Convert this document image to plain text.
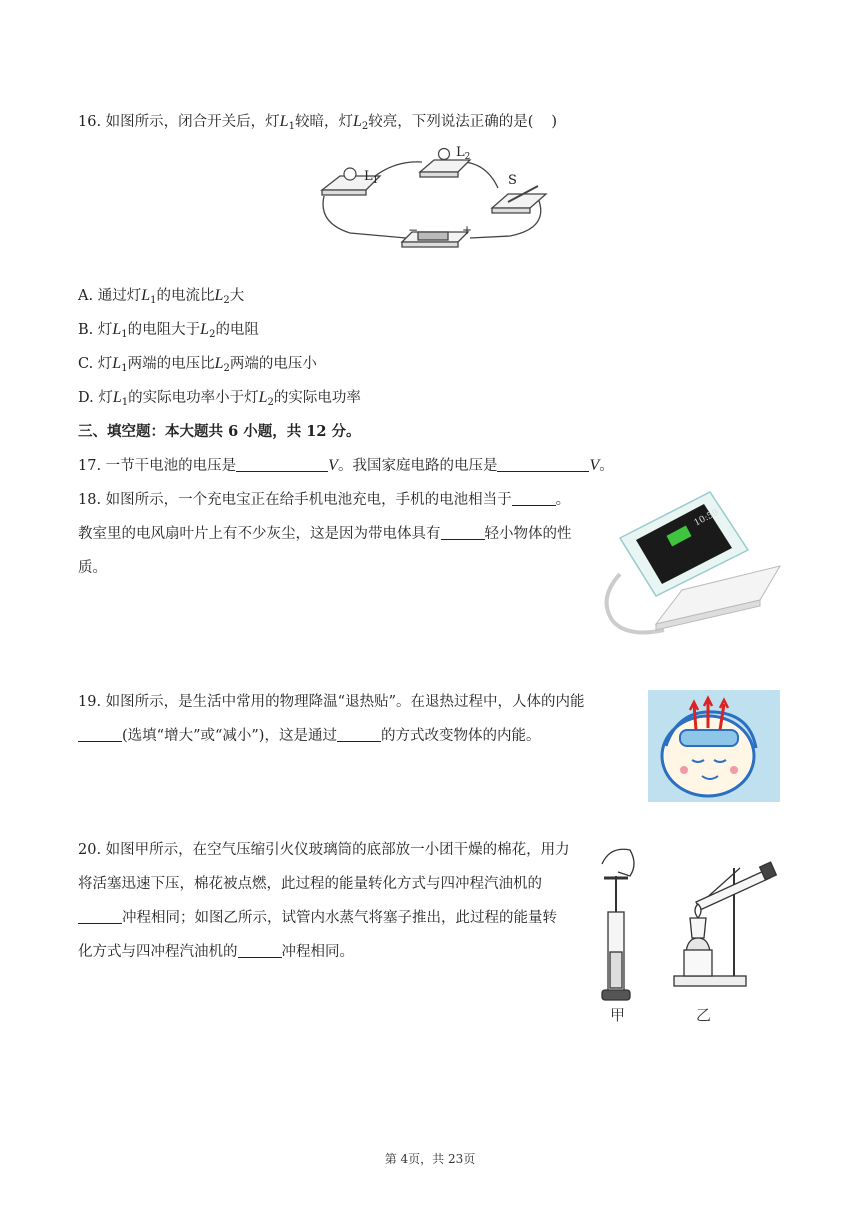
16. 如图所示，闭合开关后，灯$L_1$较暗，灯$L_2$较亮，下列说法正确的是( )
$L_1$
$L_2$
S
−	+
A. 通过灯$L_1$的电流比$L_2$大
B. 灯$L_1$的电阻大于$L_2$的电阻
C. 灯$L_1$两端的电压比$L_2$两端的电压小
D. 灯$L_1$的实际电功率小于灯$L_2$的实际电功率
三、填空题：本大题共 6 小题，共 12 分。
17. 一节干电池的电压是	V。我国家庭电路的电压是	V。
18. 如图所示，一个充电宝正在给手机电池充电，手机的电池相当于	。
教室里的电风扇叶片上有不少灰尘，这是因为带电体具有	轻小物体的性
质。
10:59
19. 如图所示，是生活中常用的物理降温“退热贴”。在退热过程中，人体的内能
(选填“增大”或“减小”)，这是通过	的方式改变物体的内能。
20. 如图甲所示，在空气压缩引火仪玻璃筒的底部放一小团干燥的棉花，用力
将活塞迅速下压，棉花被点燃，此过程的能量转化方式与四冲程汽油机的
冲程相同；如图乙所示，试管内水蒸气将塞子推出，此过程的能量转
化方式与四冲程汽油机的	冲程相同。
甲	乙
第 4页，共 23页
